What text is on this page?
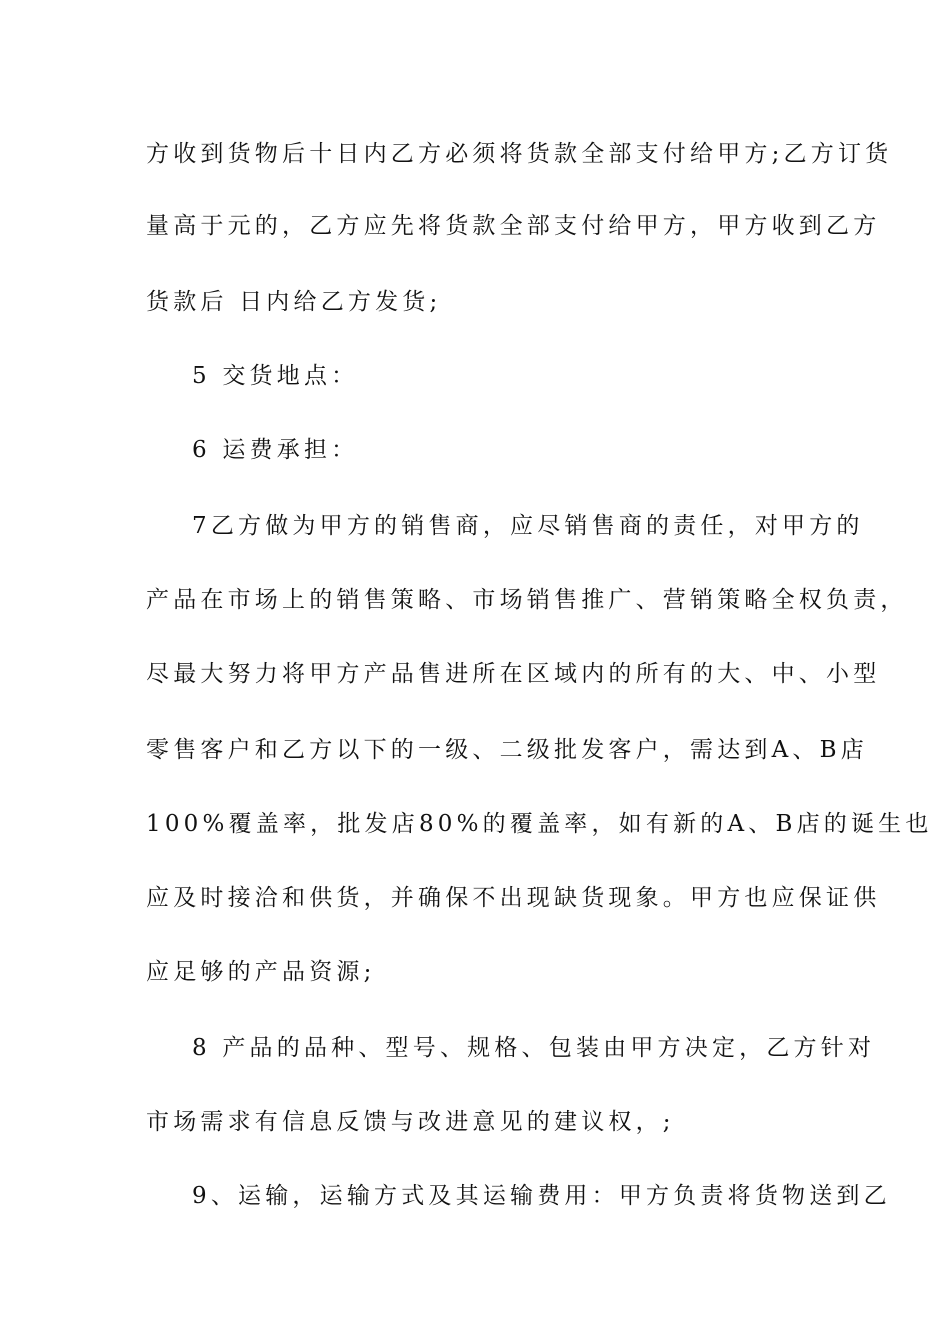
方收到货物后十日内乙方必须将货款全部支付给甲方;乙方订货
量高于元的，乙方应先将货款全部支付给甲方，甲方收到乙方
货款后 日内给乙方发货;
5 交货地点：
6 运费承担：
7乙方做为甲方的销售商，应尽销售商的责任，对甲方的
产品在市场上的销售策略、市场销售推广、营销策略全权负责，
尽最大努力将甲方产品售进所在区域内的所有的大、中、小型
零售客户和乙方以下的一级、二级批发客户，需达到A、B店
100%覆盖率，批发店80%的覆盖率，如有新的A、B店的诞生也
应及时接洽和供货，并确保不出现缺货现象。甲方也应保证供
应足够的产品资源;
8 产品的品种、型号、规格、包装由甲方决定，乙方针对
市场需求有信息反馈与改进意见的建议权，;
9、运输，运输方式及其运输费用：甲方负责将货物送到乙
